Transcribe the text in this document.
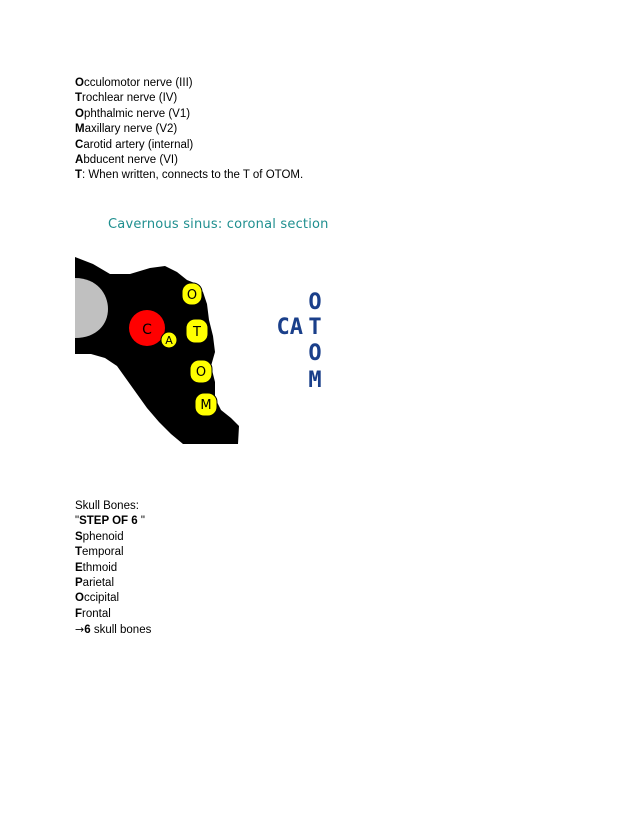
Occulomotor nerve (III)
Trochlear nerve (IV)
Ophthalmic nerve (V1)
Maxillary nerve (V2)
Carotid artery (internal)
Abducent nerve (VI)
T: When written, connects to the T of OTOM.
Cavernous sinus: coronal section
C
A
O
T
O
M
O
CA T
O
M
Skull Bones:
"STEP OF 6 "
Sphenoid
Temporal
Ethmoid
Parietal
Occipital
Frontal
→6 skull bones
